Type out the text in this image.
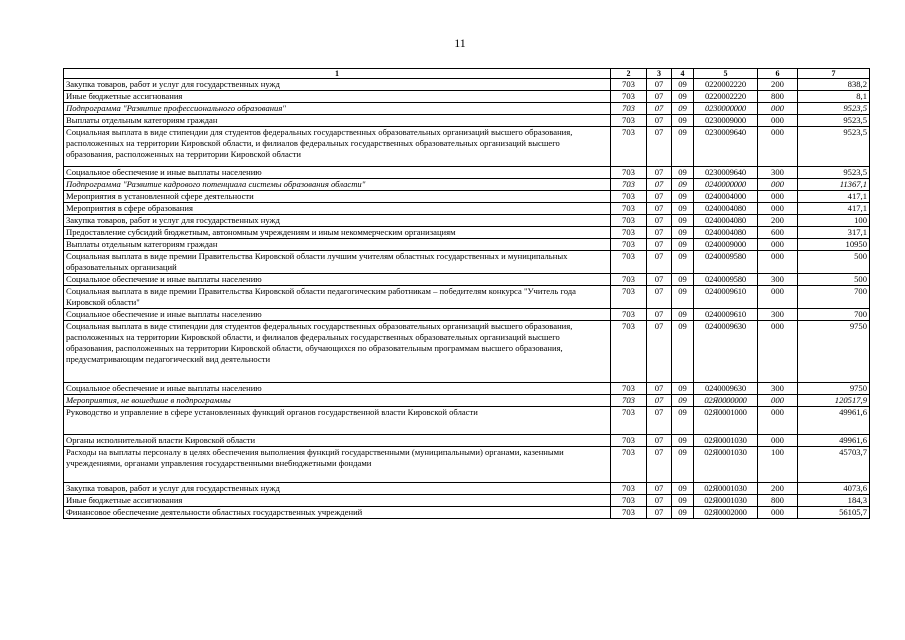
11
1	2	3	4	5	6	7
Закупка товаров, работ и услуг для государственных нужд	703	07	09	0220002220	200	838,2
Иные бюджетные ассигнования	703	07	09	0220002220	800	8,1
Подпрограмма "Развитие профессионального образования"	703	07	09	0230000000	000	9523,5
Выплаты отдельным категориям граждан	703	07	09	0230009000	000	9523,5
Социальная выплата в виде стипендии для студентов федеральных государственных образовательных организаций высшего образования, расположенных на территории Кировской области, и филиалов федеральных государственных образовательных организаций высшего образования, расположенных на территории Кировской области	703	07	09	0230009640	000	9523,5
Социальное обеспечение и иные выплаты населению	703	07	09	0230009640	300	9523,5
Подпрограмма "Развитие кадрового потенциала системы образования области"	703	07	09	0240000000	000	11367,1
Мероприятия в установленной сфере деятельности	703	07	09	0240004000	000	417,1
Мероприятия в сфере образования	703	07	09	0240004080	000	417,1
Закупка товаров, работ и услуг для государственных нужд	703	07	09	0240004080	200	100
Предоставление субсидий бюджетным, автономным учреждениям и иным некоммерческим организациям	703	07	09	0240004080	600	317,1
Выплаты отдельным категориям граждан	703	07	09	0240009000	000	10950
Социальная выплата в виде премии Правительства Кировской области лучшим учителям областных государственных и муниципальных образовательных организаций	703	07	09	0240009580	000	500
Социальное обеспечение и иные выплаты населению	703	07	09	0240009580	300	500
Социальная выплата в виде премии Правительства Кировской области педагогическим работникам – победителям конкурса "Учитель года Кировской области"	703	07	09	0240009610	000	700
Социальное обеспечение и иные выплаты населению	703	07	09	0240009610	300	700
Социальная выплата в виде стипендии для студентов федеральных государственных образовательных организаций высшего образования, расположенных на территории Кировской области, и филиалов федеральных государственных образовательных организаций высшего образования, расположенных на территории Кировской области, обучающихся по образовательным программам высшего образования, предусматривающим педагогический вид деятельности	703	07	09	0240009630	000	9750
Социальное обеспечение и иные выплаты населению	703	07	09	0240009630	300	9750
Мероприятия, не вошедшие в подпрограммы	703	07	09	02Я0000000	000	120517,9
Руководство и управление в сфере установленных функций органов государственной власти Кировской области	703	07	09	02Я0001000	000	49961,6
Органы исполнительной власти Кировской области	703	07	09	02Я0001030	000	49961,6
Расходы на выплаты персоналу в целях обеспечения выполнения функций государственными (муниципальными) органами, казенными учреждениями, органами управления государственными внебюджетными фондами	703	07	09	02Я0001030	100	45703,7
Закупка товаров, работ и услуг для государственных нужд	703	07	09	02Я0001030	200	4073,6
Иные бюджетные ассигнования	703	07	09	02Я0001030	800	184,3
Финансовое обеспечение деятельности областных государственных учреждений	703	07	09	02Я0002000	000	56105,7
